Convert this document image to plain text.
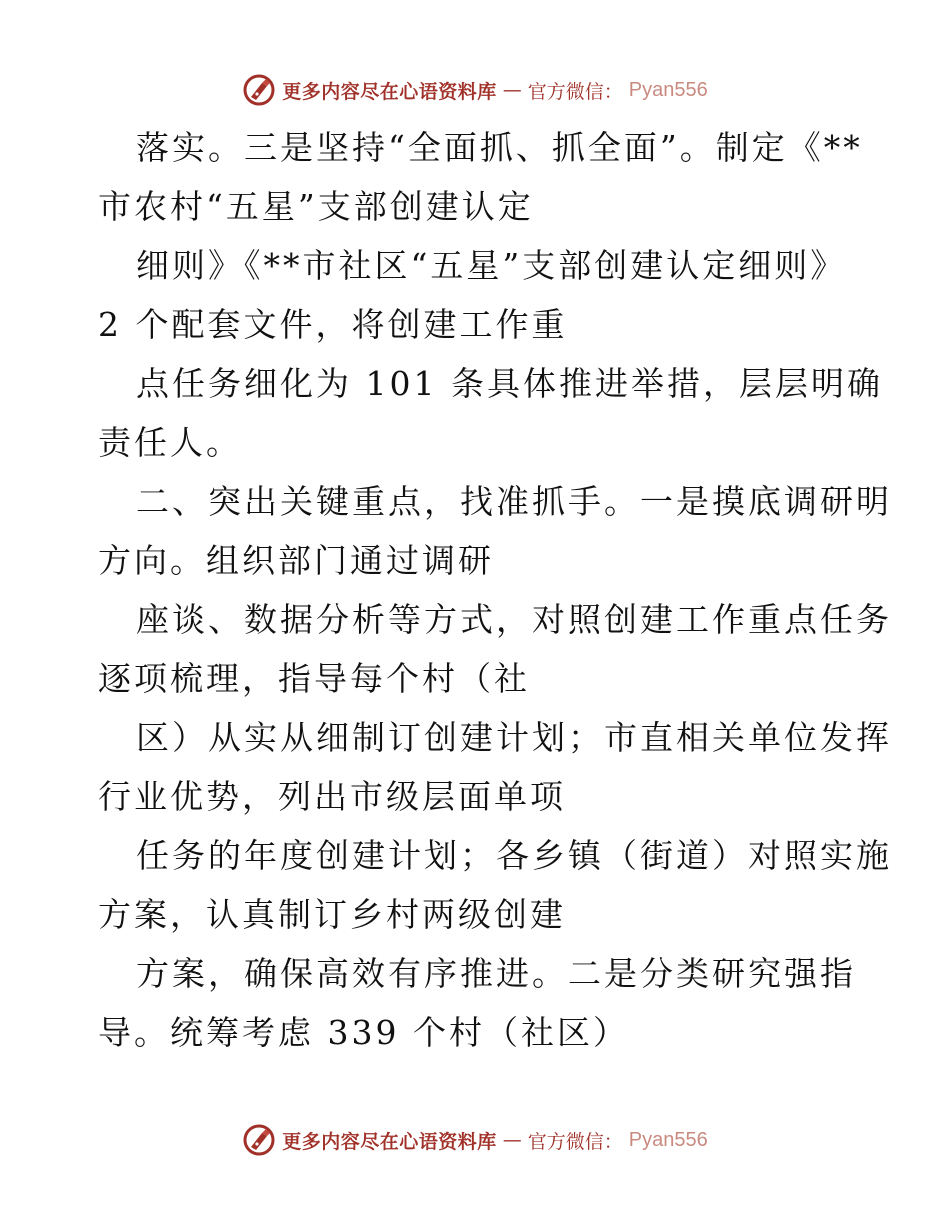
更多内容尽在心语资料库 — 官方微信： Pyan556
落实。三是坚持“全面抓、抓全面”。制定《**
市农村“五星”支部创建认定
细则》《**市社区“五星”支部创建认定细则》
2 个配套文件，将创建工作重
点任务细化为 101 条具体推进举措，层层明确
责任人。
二、突出关键重点，找准抓手。一是摸底调研明
方向。组织部门通过调研
座谈、数据分析等方式，对照创建工作重点任务
逐项梳理，指导每个村（社
区）从实从细制订创建计划；市直相关单位发挥
行业优势，列出市级层面单项
任务的年度创建计划；各乡镇（街道）对照实施
方案，认真制订乡村两级创建
方案，确保高效有序推进。二是分类研究强指
导。统筹考虑 339 个村（社区）
更多内容尽在心语资料库 — 官方微信： Pyan556
